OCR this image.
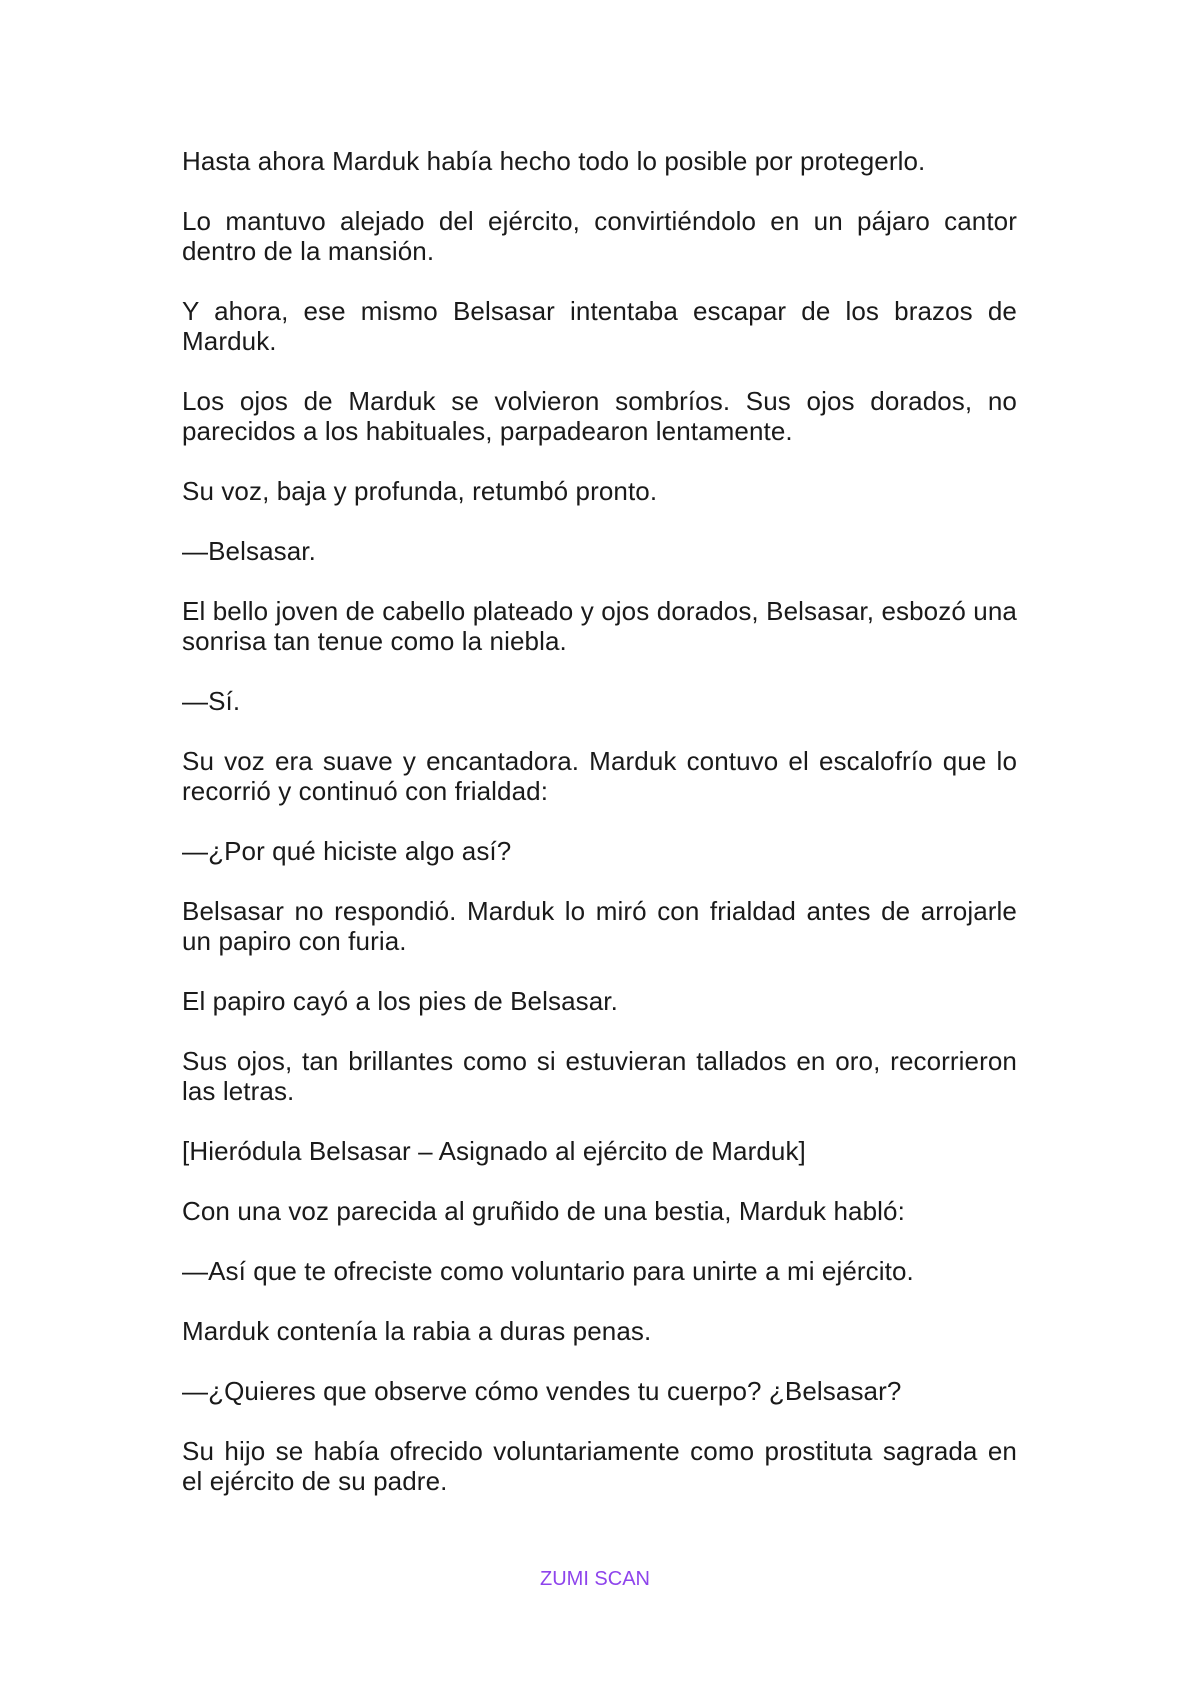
Hasta ahora Marduk había hecho todo lo posible por protegerlo.

Lo mantuvo alejado del ejército, convirtiéndolo en un pájaro cantor dentro de la mansión.

Y ahora, ese mismo Belsasar intentaba escapar de los brazos de Marduk.

Los ojos de Marduk se volvieron sombríos. Sus ojos dorados, no parecidos a los habituales, parpadearon lentamente.

Su voz, baja y profunda, retumbó pronto.

—Belsasar.

El bello joven de cabello plateado y ojos dorados, Belsasar, esbozó una sonrisa tan tenue como la niebla.

—Sí.

Su voz era suave y encantadora. Marduk contuvo el escalofrío que lo recorrió y continuó con frialdad:

—¿Por qué hiciste algo así?

Belsasar no respondió. Marduk lo miró con frialdad antes de arrojarle un papiro con furia.

El papiro cayó a los pies de Belsasar.

Sus ojos, tan brillantes como si estuvieran tallados en oro, recorrieron las letras.

[Hieródula Belsasar – Asignado al ejército de Marduk]

Con una voz parecida al gruñido de una bestia, Marduk habló:

—Así que te ofreciste como voluntario para unirte a mi ejército.

Marduk contenía la rabia a duras penas.

—¿Quieres que observe cómo vendes tu cuerpo? ¿Belsasar?

Su hijo se había ofrecido voluntariamente como prostituta sagrada en el ejército de su padre.

ZUMI SCAN
